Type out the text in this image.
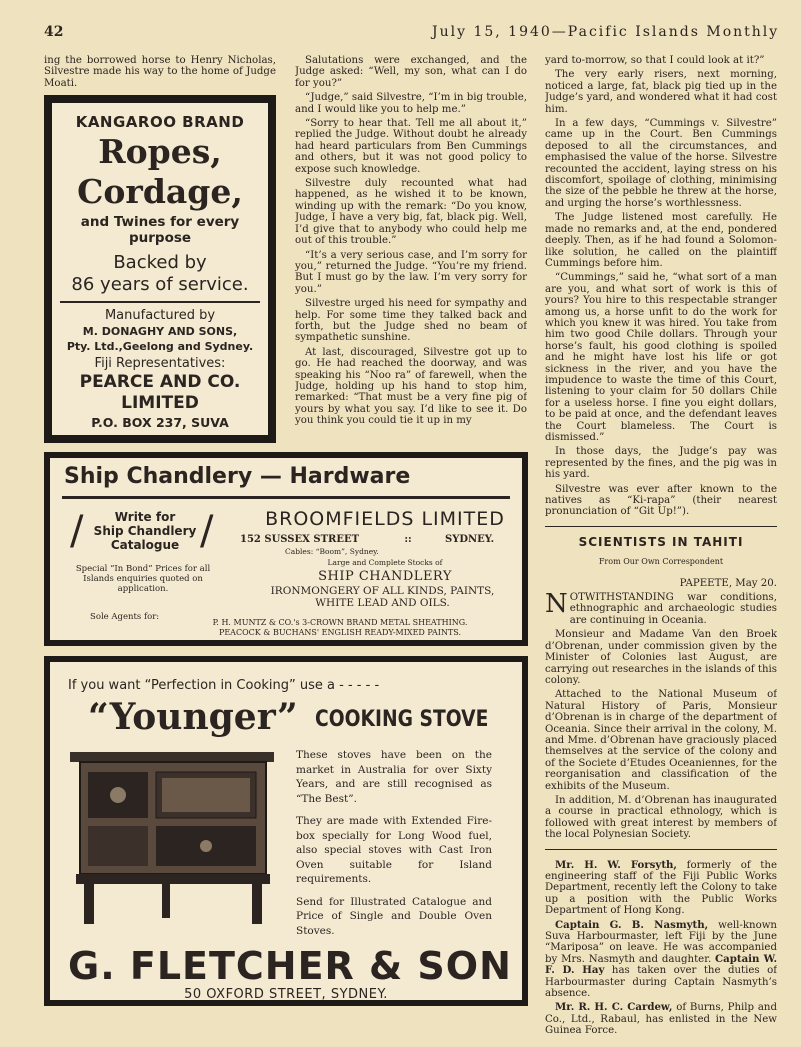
42	July 15, 1940—Pacific Islands Monthly

ing the borrowed horse to Henry Nicholas, Silvestre made his way to the home of Judge Moati.

KANGAROO BRAND
Ropes,
Cordage,
and Twines for every purpose
Backed by
86 years of service.
Manufactured by
M. DONAGHY AND SONS,
Pty. Ltd.,Geelong and Sydney.
Fiji Representatives:
PEARCE AND CO.
LIMITED
P.O. BOX 237, SUVA

Salutations were exchanged, and the Judge asked: “Well, my son, what can I do for you?”

“Judge,” said Silvestre, “I’m in big trouble, and I would like you to help me.”

“Sorry to hear that. Tell me all about it,” replied the Judge. Without doubt he already had heard particulars from Ben Cummings and others, but it was not good policy to expose such knowledge.

Silvestre duly recounted what had happened, as he wished it to be known, winding up with the remark: “Do you know, Judge, I have a very big, fat, black pig. Well, I’d give that to anybody who could help me out of this trouble.”

“It’s a very serious case, and I’m sorry for you,” returned the Judge. “You’re my friend. But I must go by the law. I’m very sorry for you.”

Silvestre urged his need for sympathy and help. For some time they talked back and forth, but the Judge shed no beam of sympathetic sunshine.

At last, discouraged, Silvestre got up to go. He had reached the doorway, and was speaking his “Noo ra” of farewell, when the Judge, holding up his hand to stop him, remarked: “That must be a very fine pig of yours by what you say. I’d like to see it. Do you think you could tie it up in my

Ship Chandlery — Hardware
/	Write for
Ship Chandlery
Catalogue /
Special “In Bond” Prices for all Islands enquiries quoted on application.
Sole Agents for:
BROOMFIELDS LIMITED
152 SUSSEX STREET	::	SYDNEY.
Cables: “Boom”, Sydney.
Large and Complete Stocks of
SHIP CHANDLERY
IRONMONGERY OF ALL KINDS, PAINTS,
WHITE LEAD AND OILS.
P. H. MUNTZ & CO.'s 3-CROWN BRAND METAL SHEATHING.
PEACOCK & BUCHANS' ENGLISH READY-MIXED PAINTS.
If you want “Perfection in Cooking” use a - - - - -
“Younger” COOKING STOVE

These stoves have been on the market in Australia for over Sixty Years, and are still recognised as “The Best”.

They are made with Extended Fire-box specially for Long Wood fuel, also special stoves with Cast Iron Oven suitable for Island requirements.

Send for Illustrated Catalogue and Price of Single and Double Oven Stoves.

G. FLETCHER & SON
50 OXFORD STREET, SYDNEY.

yard to-morrow, so that I could look at it?”

The very early risers, next morning, noticed a large, fat, black pig tied up in the Judge’s yard, and wondered what it had cost him.

In a few days, “Cummings v. Silvestre” came up in the Court. Ben Cummings deposed to all the circumstances, and emphasised the value of the horse. Silvestre recounted the accident, laying stress on his discomfort, spoilage of clothing, minimising the size of the pebble he threw at the horse, and urging the horse’s worthlessness.

The Judge listened most carefully. He made no remarks and, at the end, pondered deeply. Then, as if he had found a Solomon-like solution, he called on the plaintiff Cummings before him.

“Cummings,” said he, “what sort of a man are you, and what sort of work is this of yours? You hire to this respectable stranger among us, a horse unfit to do the work for which you knew it was hired. You take from him two good Chile dollars. Through your horse’s fault, his good clothing is spoiled and he might have lost his life or got sickness in the river, and you have the impudence to waste the time of this Court, listening to your claim for 50 dollars Chile for a useless horse. I fine you eight dollars, to be paid at once, and the defendant leaves the Court blameless. The Court is dismissed.”

In those days, the Judge’s pay was represented by the fines, and the pig was in his yard.

Silvestre was ever after known to the natives as “Ki-rapa” (their nearest pronunciation of “Git Up!”).

SCIENTISTS IN TAHITI
From Our Own Correspondent

PAPEETE, May 20.

NOTWITHSTANDING war conditions, ethnographic and archaeologic studies are continuing in Oceania.

Monsieur and Madame Van den Broek d’Obrenan, under commission given by the Minister of Colonies last August, are carrying out researches in the islands of this colony.

Attached to the National Museum of Natural History of Paris, Monsieur d’Obrenan is in charge of the department of Oceania. Since their arrival in the colony, M. and Mme. d’Obrenan have graciously placed themselves at the service of the colony and of the Societe d’Etudes Oceaniennes, for the reorganisation and classification of the exhibits of the Museum.

In addition, M. d’Obrenan has inaugurated a course in practical ethnology, which is followed with great interest by members of the local Polynesian Society.

Mr. H. W. Forsyth, formerly of the engineering staff of the Fiji Public Works Department, recently left the Colony to take up a position with the Public Works Department of Hong Kong.

Captain G. B. Nasmyth, well-known Suva Harbourmaster, left Fiji by the June “Mariposa” on leave. He was accompanied by Mrs. Nasmyth and daughter. Captain W. F. D. Hay has taken over the duties of Harbourmaster during Captain Nasmyth’s absence.

Mr. R. H. C. Cardew, of Burns, Philp and Co., Ltd., Rabaul, has enlisted in the New Guinea Force.
